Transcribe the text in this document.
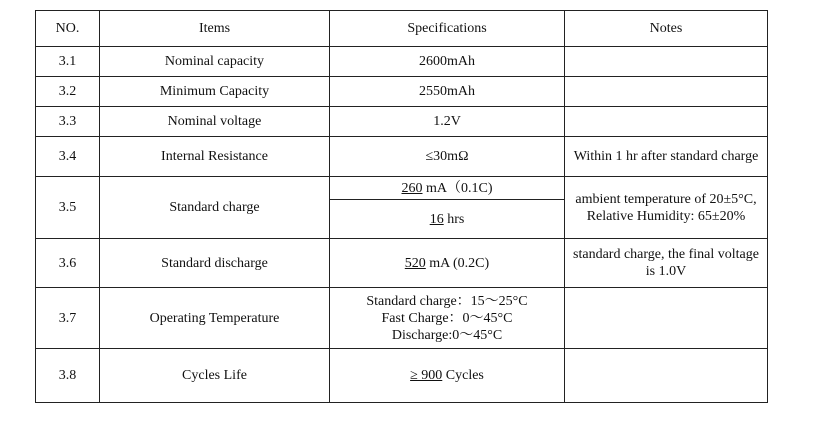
NO.	Items	Specifications	Notes
3.1	Nominal capacity	2600mAh	
3.2	Minimum Capacity	2550mAh	
3.3	Nominal voltage	1.2V	
3.4	Internal Resistance	≤30mΩ	Within 1 hr after standard charge
3.5	Standard charge	260 mA（0.1C)	ambient temperature of 20±5°C, Relative Humidity: 65±20%
		16 hrs	
3.6	Standard discharge	520 mA (0.2C)	standard charge, the final voltage is 1.0V
3.7	Operating Temperature	Standard charge：15～25°C
Fast Charge：0～45°C
Discharge:0～45°C	

3.8	Cycles Life	≥ 900 Cycles	
